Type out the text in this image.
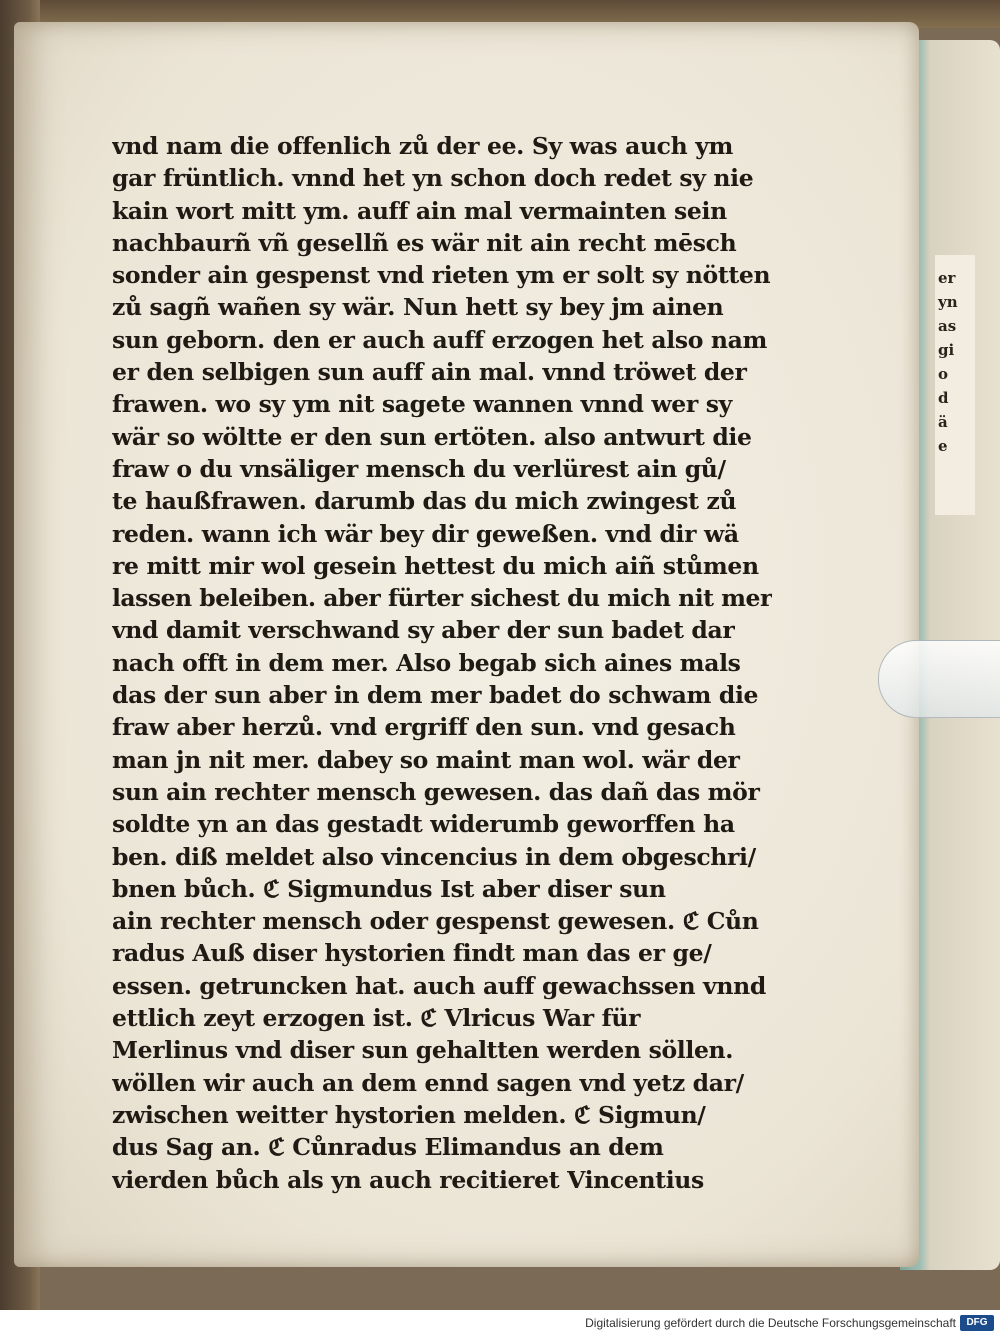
er
yn
as
gi
o
d
ä
e
vnd nam die offenlich zů der ee. Sy was auch ym
gar früntlich. vnnd het yn schon doch redet sy nie
kain wort mitt ym. auff ain mal vermainten sein
nachbaurñ vñ gesellñ es wär nit ain recht mēsch
sonder ain gespenst vnd rieten ym er solt sy nötten
zů sagñ wañen sy wär. Nun hett sy bey jm ainen
sun geborn. den er auch auff erzogen het also nam
er den selbigen sun auff ain mal. vnnd tröwet der
frawen. wo sy ym nit sagete wannen vnnd wer sy
wär so wöltte er den sun ertöten. also antwurt die
fraw o du vnsäliger mensch du verlürest ain gů/
te haußfrawen. darumb das du mich zwingest zů
reden. wann ich wär bey dir geweßen. vnd dir wä
re mitt mir wol gesein hettest du mich aiñ stůmen
lassen beleiben. aber fürter sichest du mich nit mer
vnd damit verschwand sy aber der sun badet dar
nach offt in dem mer. Also begab sich aines mals
das der sun aber in dem mer badet do schwam die
fraw aber herzů. vnd ergriff den sun. vnd gesach
man jn nit mer. dabey so maint man wol. wär der
sun ain rechter mensch gewesen. das dañ das mör
soldte yn an das gestadt widerumb geworffen ha
ben. diß meldet also vincencius in dem obgeschri/
bnen bůch. ℭ Sigmundus Ist aber diser sun
ain rechter mensch oder gespenst gewesen. ℭ Cůn
radus Auß diser hystorien findt man das er ge/
essen. getruncken hat. auch auff gewachssen vnnd
ettlich zeyt erzogen ist. ℭ Vlricus War für
Merlinus vnd diser sun gehaltten werden söllen.
wöllen wir auch an dem ennd sagen vnd yetz dar/
zwischen weitter hystorien melden. ℭ Sigmun/
dus Sag an. ℭ Cůnradus Elimandus an dem
vierden bůch als yn auch recitieret Vincentius
Digitalisierung gefördert durch die Deutsche Forschungsgemeinschaft	DFG
